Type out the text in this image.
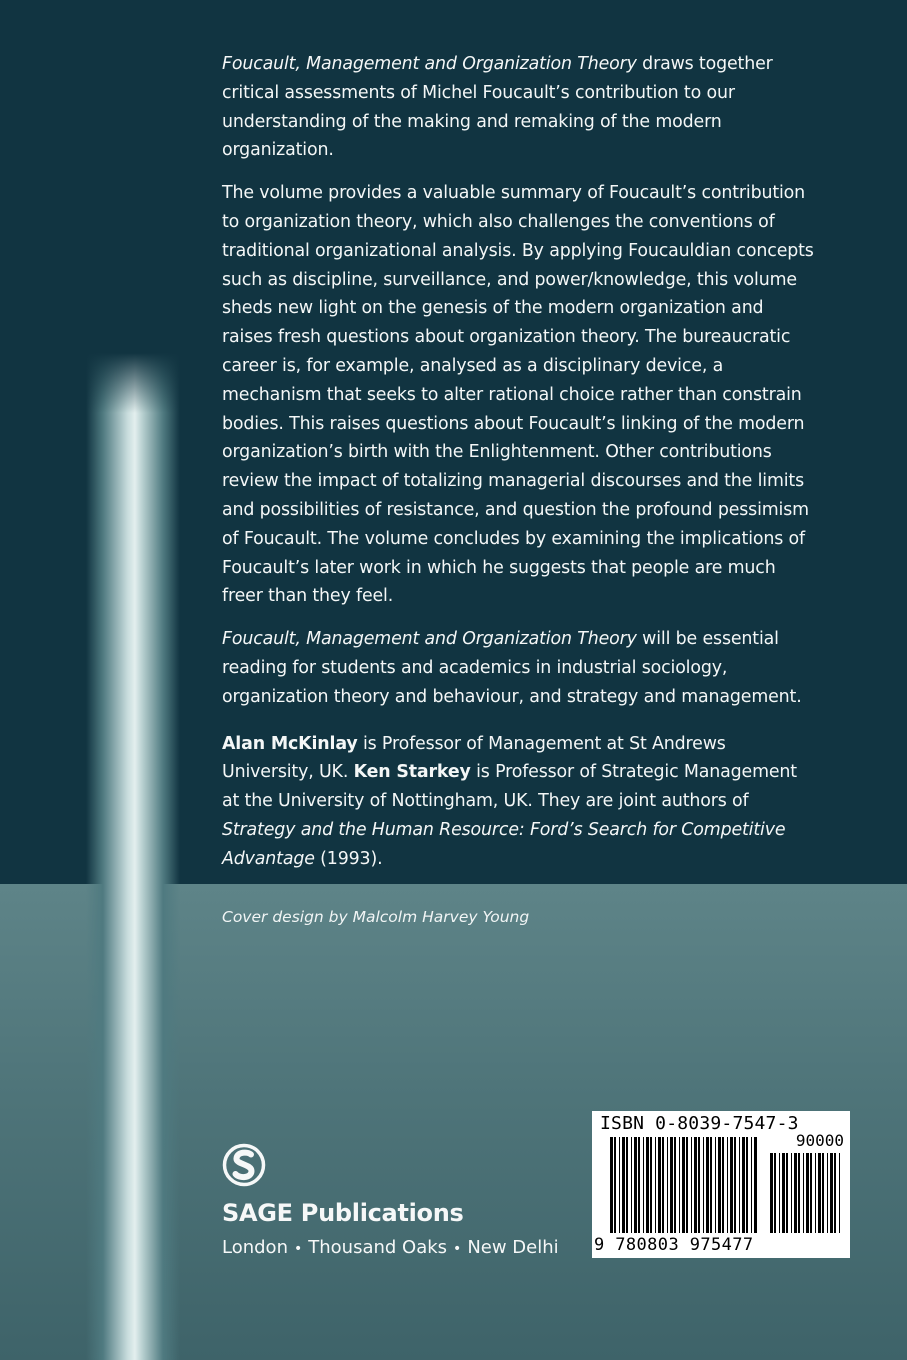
Foucault, Management and Organization Theory draws together critical assessments of Michel Foucault’s contribution to our understanding of the making and remaking of the modern organization.

The volume provides a valuable summary of Foucault’s contribution to organization theory, which also challenges the conventions of traditional organizational analysis. By applying Foucauldian concepts such as discipline, surveillance, and power/knowledge, this volume sheds new light on the genesis of the modern organization and raises fresh questions about organization theory. The bureaucratic career is, for example, analysed as a disciplinary device, a mechanism that seeks to alter rational choice rather than constrain bodies. This raises questions about Foucault’s linking of the modern organization’s birth with the Enlightenment. Other contributions review the impact of totalizing managerial discourses and the limits and possibilities of resistance, and question the profound pessimism of Foucault. The volume concludes by examining the implications of Foucault’s later work in which he suggests that people are much freer than they feel.

Foucault, Management and Organization Theory will be essential reading for students and academics in industrial sociology, organization theory and behaviour, and strategy and management.

Alan McKinlay is Professor of Management at St Andrews University, UK. Ken Starkey is Professor of Strategic Management at the University of Nottingham, UK. They are joint authors of Strategy and the Human Resource: Ford’s Search for Competitive Advantage (1993).

Cover design by Malcolm Harvey Young
SAGE Publications
London • Thousand Oaks • New Delhi
ISBN 0-8039-7547-3
90000
9 780803 975477
